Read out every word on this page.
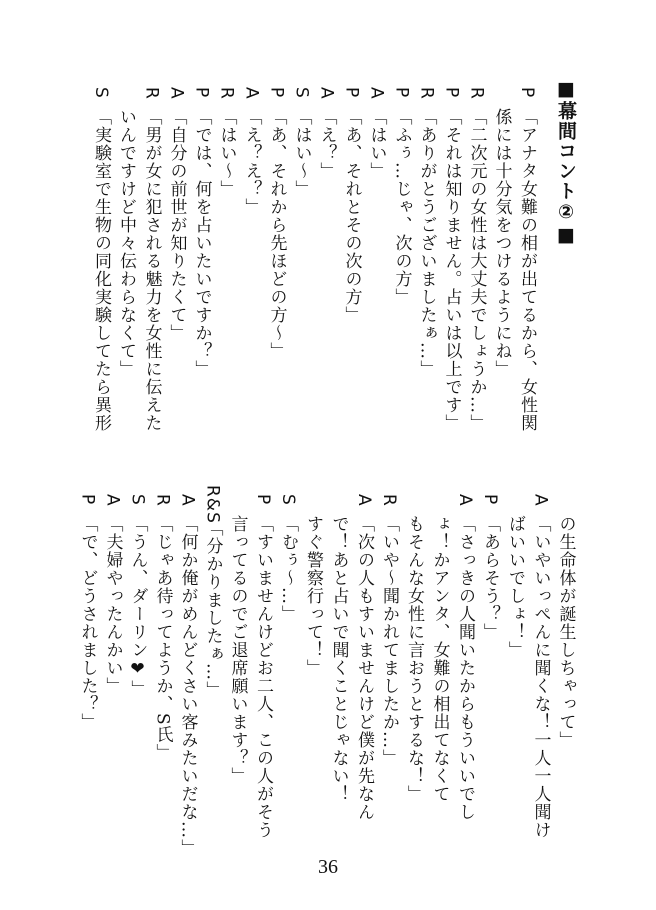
■幕間コント②■
P「アナタ女難の相が出てるから、女性関
係には十分気をつけるようにね」
R「二次元の女性は大丈夫でしょうか…」
P「それは知りません。占いは以上です」
R「ありがとうございましたぁ…」
P「ふぅ…じゃ、次の方」
A「はい」
P「あ、それとその次の方」
A「え？」
S「はい～」
P「あ、それから先ほどの方～」
A「え？え？」
R「はい～」
P「では、何を占いたいですか？」
A「自分の前世が知りたくて」
R「男が女に犯される魅力を女性に伝えた
いんですけど中々伝わらなくて」
S「実験室で生物の同化実験してたら異形
の生命体が誕生しちゃって」
A「いやいっぺんに聞くな！一人一人聞け
ばいいでしょ！」
P「あらそう？」
A「さっきの人聞いたからもういいでし
ょ！かアンタ、女難の相出てなくて
もそんな女性に言おうとするな！」
R「いや～聞かれてましたか…」
A「次の人もすいませんけど僕が先なん
で！あと占いで聞くことじゃない！
すぐ警察行って！」
S「むぅ～…」
P「すいませんけどお二人、この人がそう
言ってるのでご退席願います？」
R&S「分かりましたぁ…」
A「何か俺がめんどくさい客みたいだな…」
R「じゃあ待ってようか、S氏」
S「うん、ダーリン❤」
A「夫婦やったんかい」
P「で、どうされました？」
36
